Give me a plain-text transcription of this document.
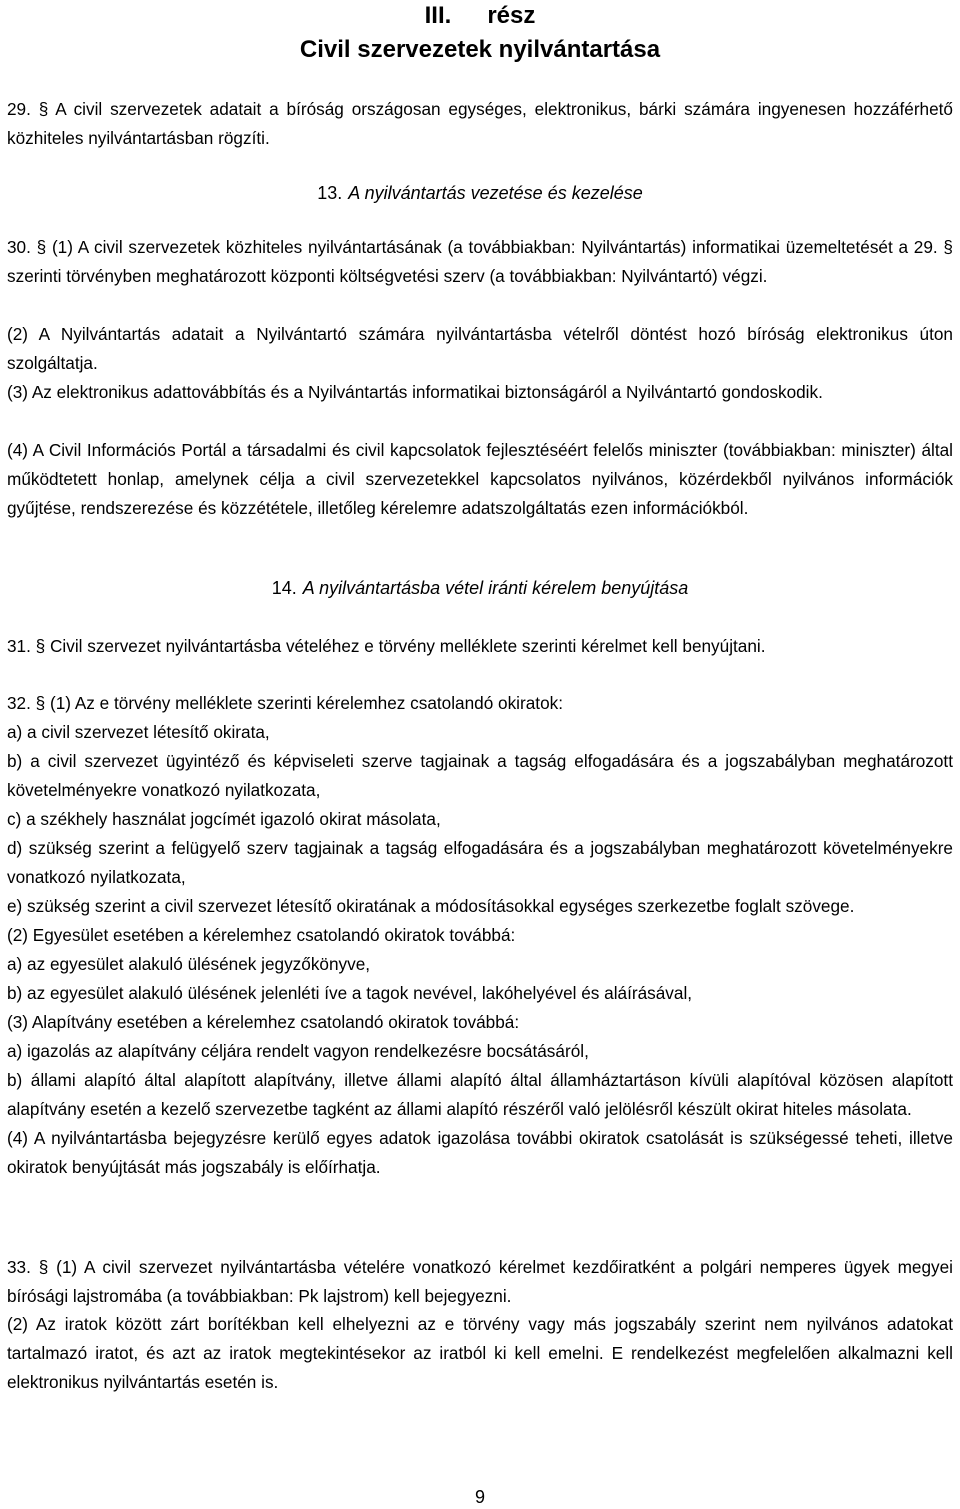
III. rész
Civil szervezetek nyilvántartása

29. § A civil szervezetek adatait a bíróság országosan egységes, elektronikus, bárki számára ingyenesen hozzáférhető közhiteles nyilvántartásban rögzíti.

13. A nyilvántartás vezetése és kezelése

30. § (1) A civil szervezetek közhiteles nyilvántartásának (a továbbiakban: Nyilvántartás) informatikai üzemeltetését a 29. § szerinti törvényben meghatározott központi költségvetési szerv (a továbbiakban: Nyilvántartó) végzi.

(2) A Nyilvántartás adatait a Nyilvántartó számára nyilvántartásba vételről döntést hozó bíróság elektronikus úton szolgáltatja.

(3) Az elektronikus adattovábbítás és a Nyilvántartás informatikai biztonságáról a Nyilvántartó gondoskodik.

(4) A Civil Információs Portál a társadalmi és civil kapcsolatok fejlesztéséért felelős miniszter (továbbiakban: miniszter) által működtetett honlap, amelynek célja a civil szervezetekkel kapcsolatos nyilvános, közérdekből nyilvános információk gyűjtése, rendszerezése és közzététele, illetőleg kérelemre adatszolgáltatás ezen információkból.

14. A nyilvántartásba vétel iránti kérelem benyújtása

31. § Civil szervezet nyilvántartásba vételéhez e törvény melléklete szerinti kérelmet kell benyújtani.

32. § (1) Az e törvény melléklete szerinti kérelemhez csatolandó okiratok:
a) a civil szervezet létesítő okirata,
b) a civil szervezet ügyintéző és képviseleti szerve tagjainak a tagság elfogadására és a jogszabályban meghatározott követelményekre vonatkozó nyilatkozata,
c) a székhely használat jogcímét igazoló okirat másolata,
d) szükség szerint a felügyelő szerv tagjainak a tagság elfogadására és a jogszabályban meghatározott követelményekre vonatkozó nyilatkozata,
e) szükség szerint a civil szervezet létesítő okiratának a módosításokkal egységes szerkezetbe foglalt szövege.
(2) Egyesület esetében a kérelemhez csatolandó okiratok továbbá:
a) az egyesület alakuló ülésének jegyzőkönyve,
b) az egyesület alakuló ülésének jelenléti íve a tagok nevével, lakóhelyével és aláírásával,
(3) Alapítvány esetében a kérelemhez csatolandó okiratok továbbá:
a) igazolás az alapítvány céljára rendelt vagyon rendelkezésre bocsátásáról,
b) állami alapító által alapított alapítvány, illetve állami alapító által államháztartáson kívüli alapítóval közösen alapított alapítvány esetén a kezelő szervezetbe tagként az állami alapító részéről való jelölésről készült okirat hiteles másolata.
(4) A nyilvántartásba bejegyzésre kerülő egyes adatok igazolása további okiratok csatolását is szükségessé teheti, illetve okiratok benyújtását más jogszabály is előírhatja.

33. § (1) A civil szervezet nyilvántartásba vételére vonatkozó kérelmet kezdőiratként a polgári nemperes ügyek megyei bírósági lajstromába (a továbbiakban: Pk lajstrom) kell bejegyezni.

(2) Az iratok között zárt borítékban kell elhelyezni az e törvény vagy más jogszabály szerint nem nyilvános adatokat tartalmazó iratot, és azt az iratok megtekintésekor az iratból ki kell emelni. E rendelkezést megfelelően alkalmazni kell elektronikus nyilvántartás esetén is.

9
